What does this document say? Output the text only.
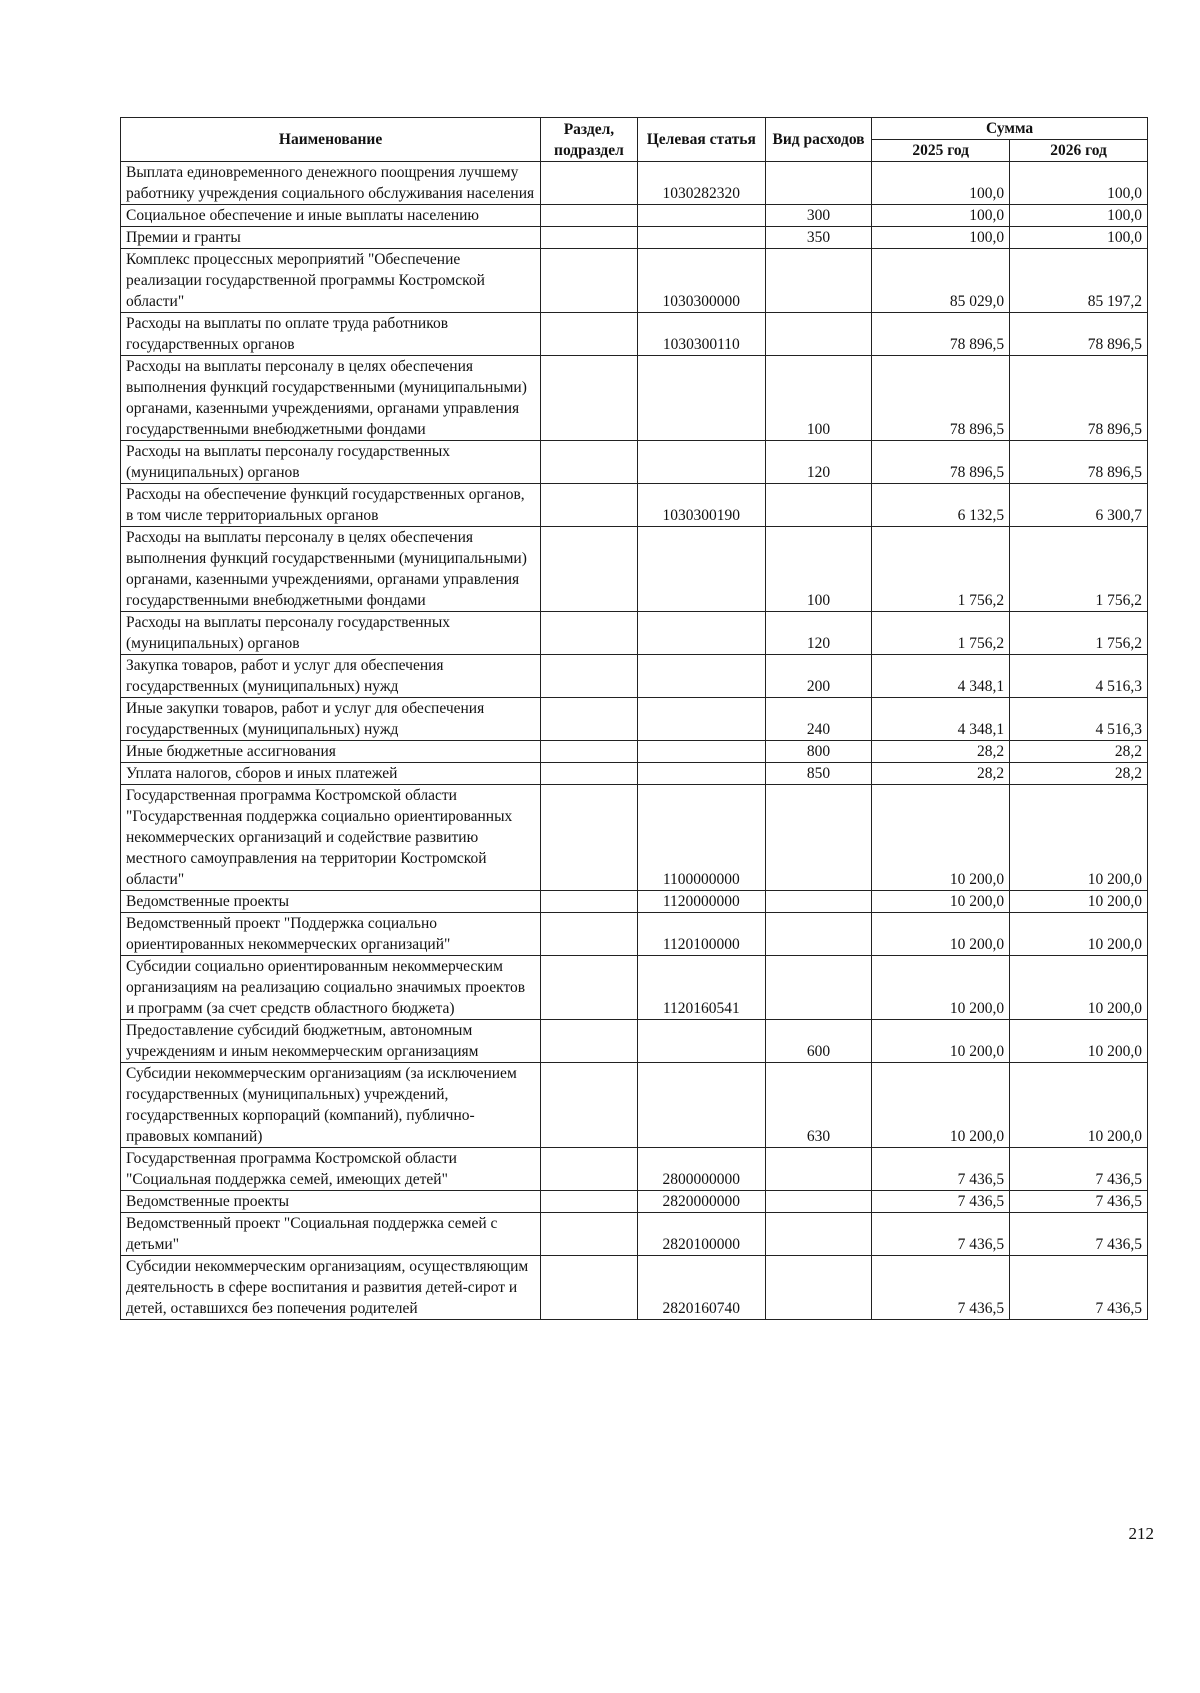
Наименование	Раздел, подраздел	Целевая статья	Вид расходов	Сумма	
				2025 год	2026 год
Выплата единовременного денежного поощрения лучшему работнику учреждения социального обслуживания населения		1030282320		100,0	100,0
Социальное обеспечение и иные выплаты населению			300	100,0	100,0
Премии и гранты			350	100,0	100,0
Комплекс процессных мероприятий "Обеспечение реализации государственной программы Костромской области"		1030300000		85 029,0	85 197,2
Расходы на выплаты по оплате труда работников государственных органов		1030300110		78 896,5	78 896,5
Расходы на выплаты персоналу в целях обеспечения выполнения функций государственными (муниципальными) органами, казенными учреждениями, органами управления государственными внебюджетными фондами			100	78 896,5	78 896,5
Расходы на выплаты персоналу государственных (муниципальных) органов			120	78 896,5	78 896,5
Расходы на обеспечение функций государственных органов, в том числе территориальных органов		1030300190		6 132,5	6 300,7
Расходы на выплаты персоналу в целях обеспечения выполнения функций государственными (муниципальными) органами, казенными учреждениями, органами управления государственными внебюджетными фондами			100	1 756,2	1 756,2
Расходы на выплаты персоналу государственных (муниципальных) органов			120	1 756,2	1 756,2
Закупка товаров, работ и услуг для обеспечения государственных (муниципальных) нужд			200	4 348,1	4 516,3
Иные закупки товаров, работ и услуг для обеспечения государственных (муниципальных) нужд			240	4 348,1	4 516,3
Иные бюджетные ассигнования			800	28,2	28,2
Уплата налогов, сборов и иных платежей			850	28,2	28,2
Государственная программа Костромской области "Государственная поддержка социально ориентированных некоммерческих организаций и содействие развитию местного самоуправления на территории Костромской области"		1100000000		10 200,0	10 200,0
Ведомственные проекты		1120000000		10 200,0	10 200,0
Ведомственный проект "Поддержка социально ориентированных некоммерческих организаций"		1120100000		10 200,0	10 200,0
Субсидии социально ориентированным некоммерческим организациям на реализацию социально значимых проектов и программ (за счет средств областного бюджета)		1120160541		10 200,0	10 200,0
Предоставление субсидий бюджетным, автономным учреждениям и иным некоммерческим организациям			600	10 200,0	10 200,0
Субсидии некоммерческим организациям (за исключением государственных (муниципальных) учреждений, государственных корпораций (компаний), публично-правовых компаний)			630	10 200,0	10 200,0
Государственная программа Костромской области "Социальная поддержка семей, имеющих детей"		2800000000		7 436,5	7 436,5
Ведомственные проекты		2820000000		7 436,5	7 436,5
Ведомственный проект "Социальная поддержка семей с детьми"		2820100000		7 436,5	7 436,5
Субсидии некоммерческим организациям, осуществляющим деятельность в сфере воспитания и развития детей-сирот и детей, оставшихся без попечения родителей		2820160740		7 436,5	7 436,5
212
